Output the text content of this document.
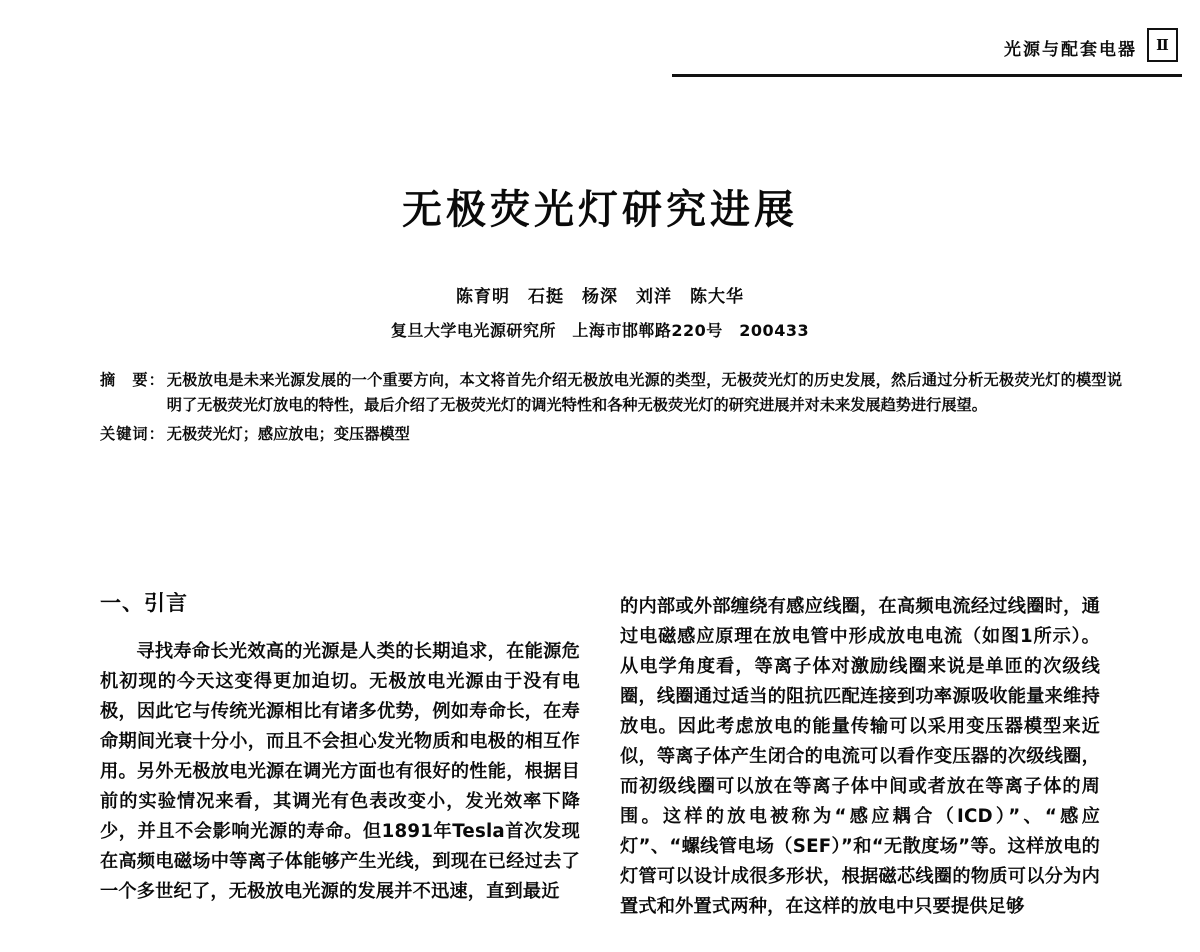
光源与配套电器	Ⅱ
无极荧光灯研究进展
陈育明　石挺　杨深　刘洋　陈大华
复旦大学电光源研究所　上海市邯郸路220号　200433
摘　要： 无极放电是未来光源发展的一个重要方向，本文将首先介绍无极放电光源的类型，无极荧光灯的历史发展，然后通过分析无极荧光灯的模型说明了无极荧光灯放电的特性，最后介绍了无极荧光灯的调光特性和各种无极荧光灯的研究进展并对未来发展趋势进行展望。
关键词： 无极荧光灯；感应放电；变压器模型
一、引言

寻找寿命长光效高的光源是人类的长期追求，在能源危机初现的今天这变得更加迫切。无极放电光源由于没有电极，因此它与传统光源相比有诸多优势，例如寿命长，在寿命期间光衰十分小，而且不会担心发光物质和电极的相互作用。另外无极放电光源在调光方面也有很好的性能，根据目前的实验情况来看，其调光有色表改变小，发光效率下降少，并且不会影响光源的寿命。但1891年Tesla首次发现在高频电磁场中等离子体能够产生光线，到现在已经过去了一个多世纪了，无极放电光源的发展并不迅速，直到最近

的内部或外部缠绕有感应线圈，在高频电流经过线圈时，通过电磁感应原理在放电管中形成放电电流（如图1所示）。从电学角度看，等离子体对激励线圈来说是单匝的次级线圈，线圈通过适当的阻抗匹配连接到功率源吸收能量来维持放电。因此考虑放电的能量传输可以采用变压器模型来近似，等离子体产生闭合的电流可以看作变压器的次级线圈，而初级线圈可以放在等离子体中间或者放在等离子体的周围。这样的放电被称为“感应耦合（ICD）”、“感应灯”、“螺线管电场（SEF）”和“无散度场”等。这样放电的灯管可以设计成很多形状，根据磁芯线圈的物质可以分为内置式和外置式两种，在这样的放电中只要提供足够
